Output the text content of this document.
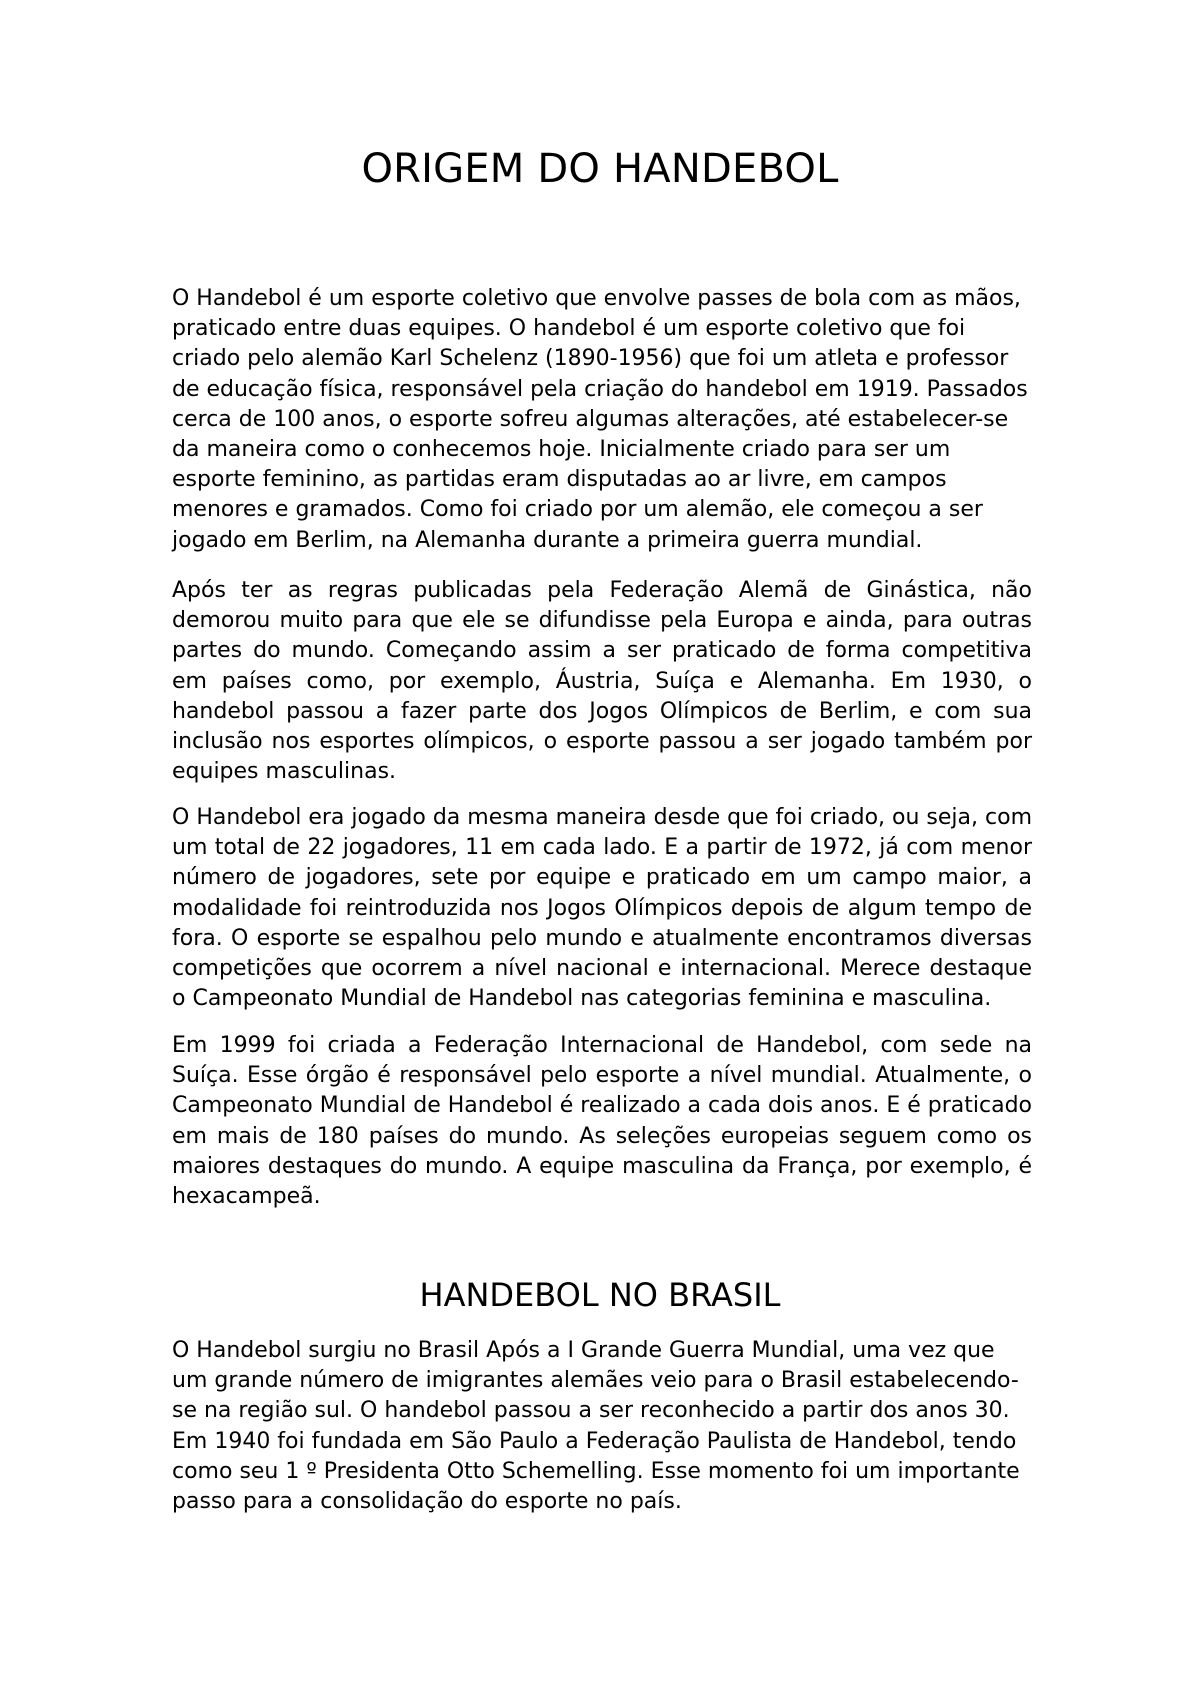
ORIGEM DO HANDEBOL

O Handebol é um esporte coletivo que envolve passes de bola com as mãos, praticado entre duas equipes. O handebol é um esporte coletivo que foi criado pelo alemão Karl Schelenz (1890-1956) que foi um atleta e professor de educação física, responsável pela criação do handebol em 1919. Passados cerca de 100 anos, o esporte sofreu algumas alterações, até estabelecer-se da maneira como o conhecemos hoje. Inicialmente criado para ser um esporte feminino, as partidas eram disputadas ao ar livre, em campos menores e gramados. Como foi criado por um alemão, ele começou a ser jogado em Berlim, na Alemanha durante a primeira guerra mundial.

Após ter as regras publicadas pela Federação Alemã de Ginástica, não demorou muito para que ele se difundisse pela Europa e ainda, para outras partes do mundo. Começando assim a ser praticado de forma competitiva em países como, por exemplo, Áustria, Suíça e Alemanha. Em 1930, o handebol passou a fazer parte dos Jogos Olímpicos de Berlim, e com sua inclusão nos esportes olímpicos, o esporte passou a ser jogado também por equipes masculinas.

O Handebol era jogado da mesma maneira desde que foi criado, ou seja, com um total de 22 jogadores, 11 em cada lado. E a partir de 1972, já com menor número de jogadores, sete por equipe e praticado em um campo maior, a modalidade foi reintroduzida nos Jogos Olímpicos depois de algum tempo de fora. O esporte se espalhou pelo mundo e atualmente encontramos diversas competições que ocorrem a nível nacional e internacional. Merece destaque o Campeonato Mundial de Handebol nas categorias feminina e masculina.

Em 1999 foi criada a Federação Internacional de Handebol, com sede na Suíça. Esse órgão é responsável pelo esporte a nível mundial. Atualmente, o Campeonato Mundial de Handebol é realizado a cada dois anos. E é praticado em mais de 180 países do mundo. As seleções europeias seguem como os maiores destaques do mundo. A equipe masculina da França, por exemplo, é hexacampeã.

HANDEBOL NO BRASIL

O Handebol surgiu no Brasil Após a I Grande Guerra Mundial, uma vez que um grande número de imigrantes alemães veio para o Brasil estabelecendo-se na região sul. O handebol passou a ser reconhecido a partir dos anos 30. Em 1940 foi fundada em São Paulo a Federação Paulista de Handebol, tendo como seu 1 º Presidenta Otto Schemelling. Esse momento foi um importante passo para a consolidação do esporte no país.
